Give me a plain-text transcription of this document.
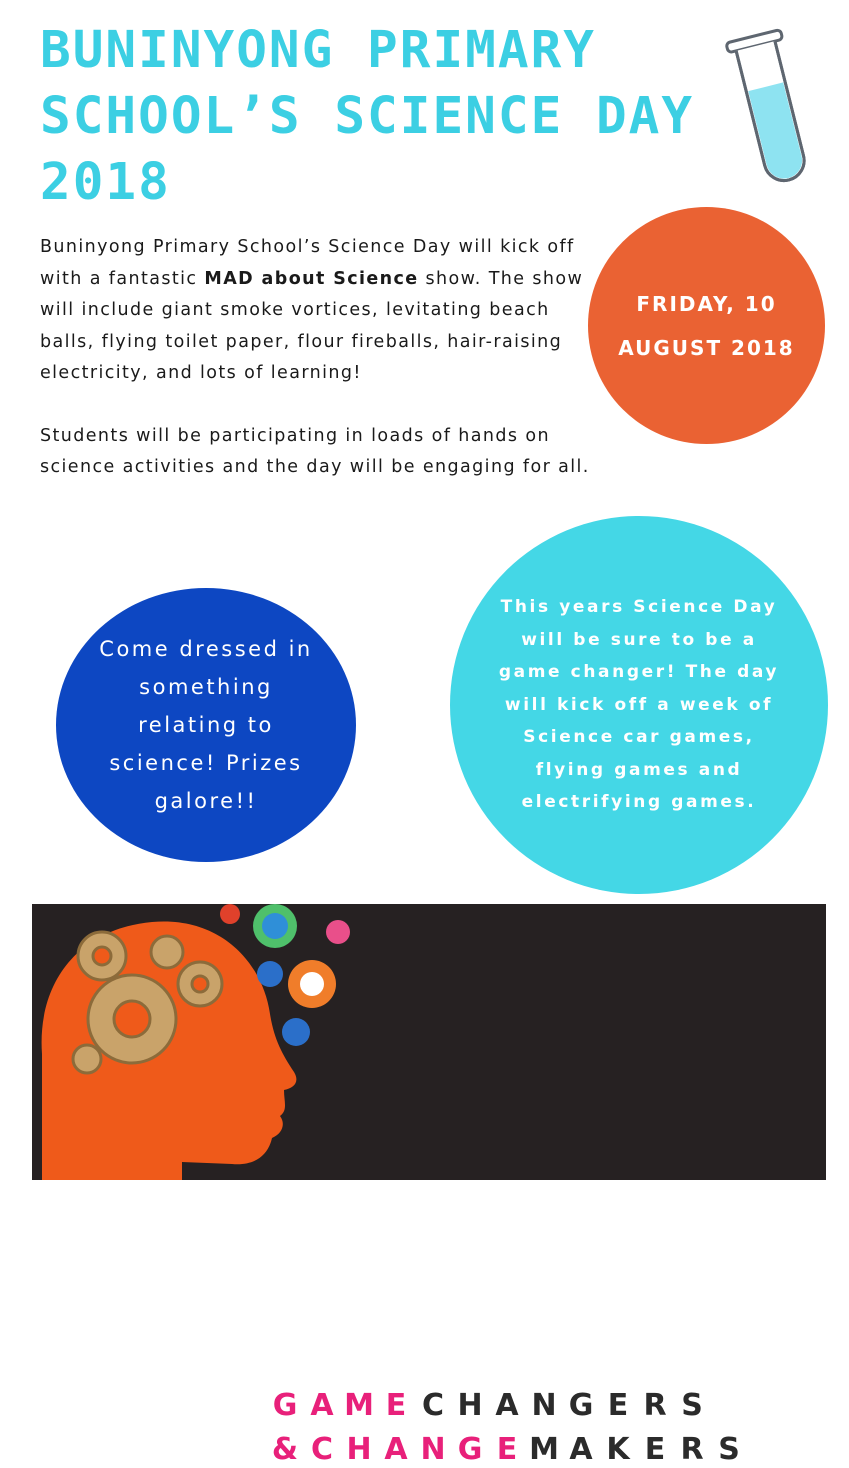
BUNINYONG PRIMARY
SCHOOL’S SCIENCE DAY
2018

Buninyong Primary School’s Science Day will kick off with a fantastic MAD about Science show. The show will include giant smoke vortices, levitating beach balls, flying toilet paper, flour fireballs, hair-raising electricity, and lots of learning!

Students will be participating in loads of hands on science activities and the day will be engaging for all.

FRIDAY, 10 AUGUST 2018
Come dressed in something relating to science! Prizes galore!!
This years Science Day will be sure to be a game changer! The day will kick off a week of Science car games, flying games and electrifying games.
G A M E C H A N G E R S
& C H A N G E M A K E R S
